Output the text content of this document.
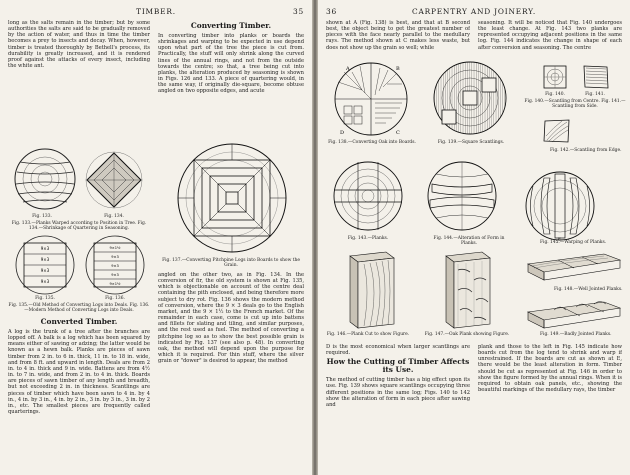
TIMBER.	35

long as the salts remain in the timber; but by some authorities the salts are said to be gradually removed by the action of water, and thus in time the timber becomes a prey to insects and decay. When, however, timber is treated thoroughly by Bethell's process, its durability is greatly increased, and it is rendered proof against the attacks of every insect, including the white ant.

Fig. 133.	Fig. 134.
Fig. 133.—Planks Warped according to Position in Tree. Fig. 134.—Shrinkage of Quartering in Seasoning.
9×3
9×3
9×3
9×3
Fig. 135.
9×1½
9×3
9×3
9×3
9×1½
Fig. 136.
Fig. 135.—Old Method of Converting Logs into Deals. Fig. 136.—Modern Method of Converting Logs into Deals.
Converted Timber.

A log is the trunk of a tree after the branches are lopped off. A balk is a log which has been squared by means either of sawing or adzing; the latter would be known as a hewn balk. Planks are pieces of sawn timber from 2 in. to 6 in. thick, 11 in. to 18 in. wide, and from 8 ft. and upward in length. Deals are from 2 in. to 4 in. thick and 9 in. wide. Battens are from 4½ in. to 7 in. wide, and from 2 in. to 4 in. thick. Boards are pieces of sawn timber of any length and breadth, but not exceeding 2 in. in thickness. Scantlings are pieces of timber which have been sawn to 4 in. by 4 in., 4 in. by 3 in., 4 in. by 2 in., 3 in. by 3 in., 3 in. by 2 in., etc. The smallest pieces are frequently called quarterings.

Converting Timber.

In converting timber into planks or boards the shrinkages and warping to be expected in use depend upon what part of the tree the piece is cut from. Practically, the stuff will only shrink along the curved lines of the annual rings, and not from the outside towards the centre; so that, a tree being cut into planks, the alteration produced by seasoning is shown in Figs. 126 and 133. A piece of quartering would, in the same way, if originally die-square, become obtuse angled on two opposite edges, and acute

Fig. 137.—Converting Pitchpine Logs into Boards to show the Grain.

angled on the other two, as in Fig. 134. In the conversion of fir, the old system is shown at Fig. 135, which is objectionable on account of the centre deal containing the pith enclosed, and being therefore more subject to dry rot. Fig. 136 shows the modern method of conversion, where the 9 × 3 deals go to the English market, and the 9 × 1½ to the French market. Of the remainder in each case, come is cut up into battens and fillets for slating and tiling, and similar purposes, and the rest used as fuel. The method of converting a pitchpine log so as to show the best possible grain is indicated by Fig. 137 (see also p. 48). In converting oak, the method will depend upon the purpose for which it is required. For thin stuff, where the silver grain or "dower" is desired to appear, the method

36	CARPENTRY AND JOINERY.

shown at A (Fig. 138) is best, and that at B second best, the object being to get the greatest number of pieces with the face nearly parallel to the medullary rays. The method shown at C makes less waste, but does not show up the grain so well; while

seasoning. It will be noticed that Fig. 140 undergoes the least change. At Fig. 143 two planks are represented occupying adjacent positions in the same log. Fig. 144 indicates the change in shape of each after conversion and seasoning. The centre

A	B
C
D
Fig. 138.—Converting Oak into Boards.	Fig. 139.—Square Scantlings.
Fig. 140.	Fig. 141.
Fig. 140.—Scantling from Centre. Fig. 141.—Scantling from Side.
Fig. 142.—Scantling from Edge.
Fig. 143.—Planks.	Fig. 144.—Alteration of Form in Planks.
E
Fig. 145.—Warping of Planks.
Fig. 148.—Well Jointed Planks.
Fig. 146.—Plank Cut to show Figure.	Fig. 147.—Oak Plank showing Figure.	Fig. 149.—Badly Jointed Planks.

D is the most economical when larger scantlings are required.

How the Cutting of Timber Affects its Use.

The method of cutting timber has a big effect upon its use. Fig. 139 shows square scantlings occupying three different positions in the same log; Figs. 140 to 142 show the alteration of form in each piece after sawing and

plank and those to the left in Fig. 145 indicate how boards cut from the log tend to shrink and warp if unrestrained. If the boards are cut as shown at E, there would be the least alteration in form. Timber should be cut as represented at Fig. 146 in order to show the figure formed by the annual rings. When it is required to obtain oak panels, etc., showing the beautiful markings of the medullary rays, the timber
